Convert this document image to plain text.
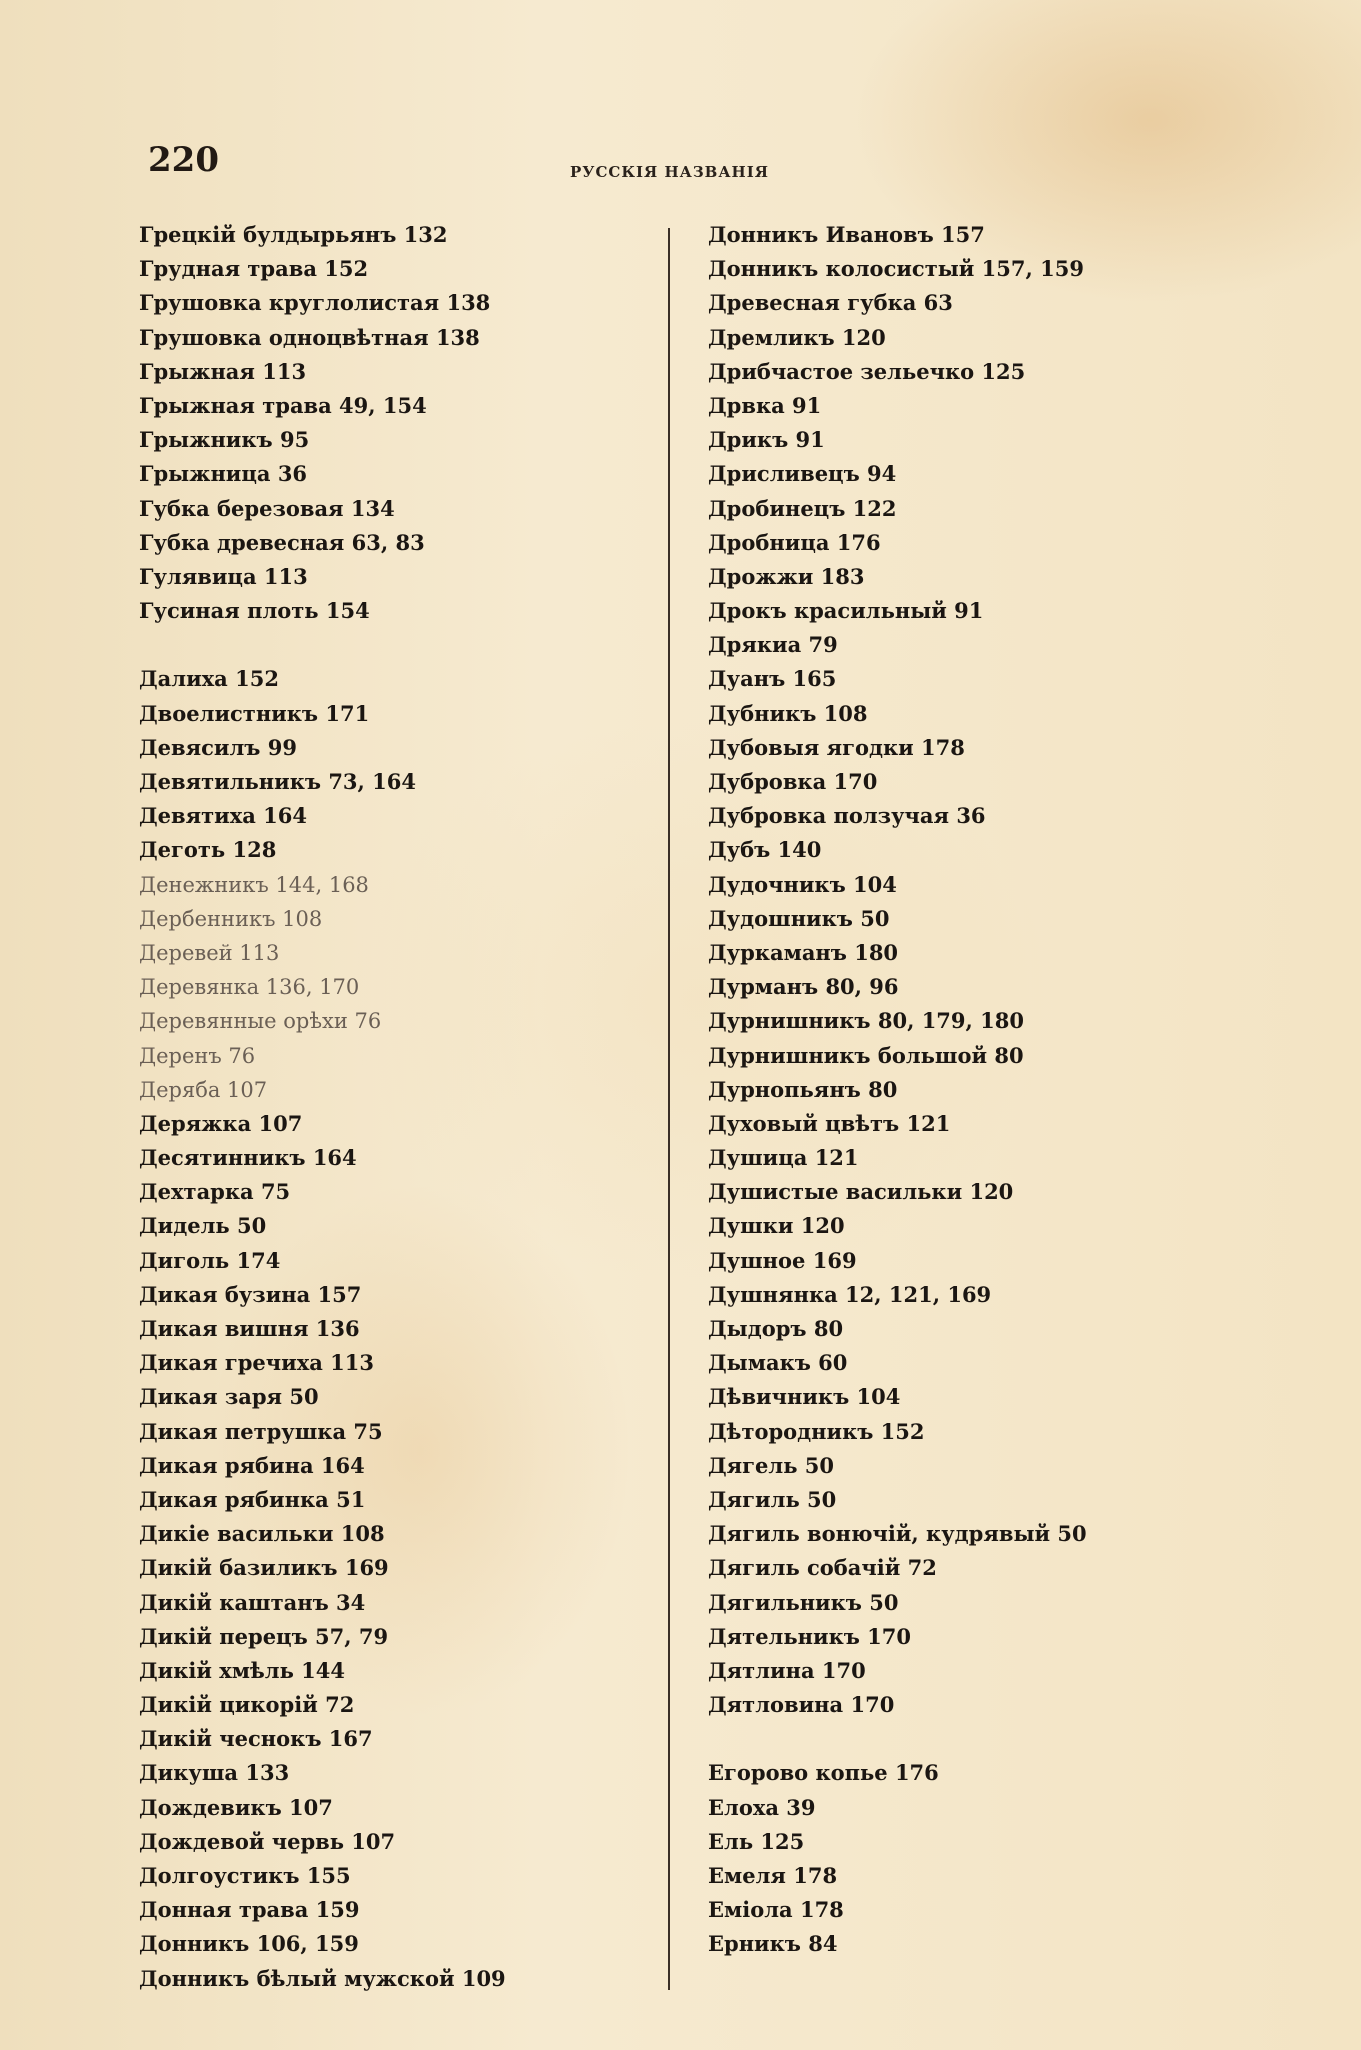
220	РУССКІЯ НАЗВАНІЯ
Грецкій булдырьянъ 132
Грудная трава 152
Грушовка круглолистая 138
Грушовка одноцвѣтная 138
Грыжная 113
Грыжная трава 49, 154
Грыжникъ 95
Грыжница 36
Губка березовая 134
Губка древесная 63, 83
Гулявица 113
Гусиная плоть 154
Далиха 152
Двоелистникъ 171
Девясилъ 99
Девятильникъ 73, 164
Девятиха 164
Деготь 128
Денежникъ 144, 168
Дербенникъ 108
Деревей 113
Деревянка 136, 170
Деревянные орѣхи 76
Деренъ 76
Деряба 107
Деряжка 107
Десятинникъ 164
Дехтарка 75
Дидель 50
Диголь 174
Дикая бузина 157
Дикая вишня 136
Дикая гречиха 113
Дикая заря 50
Дикая петрушка 75
Дикая рябина 164
Дикая рябинка 51
Дикіе васильки 108
Дикій базиликъ 169
Дикій каштанъ 34
Дикій перецъ 57, 79
Дикій хмѣль 144
Дикій цикорій 72
Дикій чеснокъ 167
Дикуша 133
Дождевикъ 107
Дождевой червь 107
Долгоустикъ 155
Донная трава 159
Донникъ 106, 159
Донникъ бѣлый мужской 109
Донникъ Ивановъ 157
Донникъ колосистый 157, 159
Древесная губка 63
Дремликъ 120
Дрибчастое зельечко 125
Дрвка 91
Дрикъ 91
Дрисливецъ 94
Дробинецъ 122
Дробница 176
Дрожжи 183
Дрокъ красильный 91
Дрякиа 79
Дуанъ 165
Дубникъ 108
Дубовыя ягодки 178
Дубровка 170
Дубровка ползучая 36
Дубъ 140
Дудочникъ 104
Дудошникъ 50
Дуркаманъ 180
Дурманъ 80, 96
Дурнишникъ 80, 179, 180
Дурнишникъ большой 80
Дурнопьянъ 80
Духовый цвѣтъ 121
Душица 121
Душистые васильки 120
Душки 120
Душное 169
Душнянка 12, 121, 169
Дыдоръ 80
Дымакъ 60
Дѣвичникъ 104
Дѣтородникъ 152
Дягель 50
Дягиль 50
Дягиль вонючій, кудрявый 50
Дягиль собачій 72
Дягильникъ 50
Дятельникъ 170
Дятлина 170
Дятловина 170
Егорово копье 176
Елоха 39
Ель 125
Емеля 178
Еміола 178
Ерникъ 84
